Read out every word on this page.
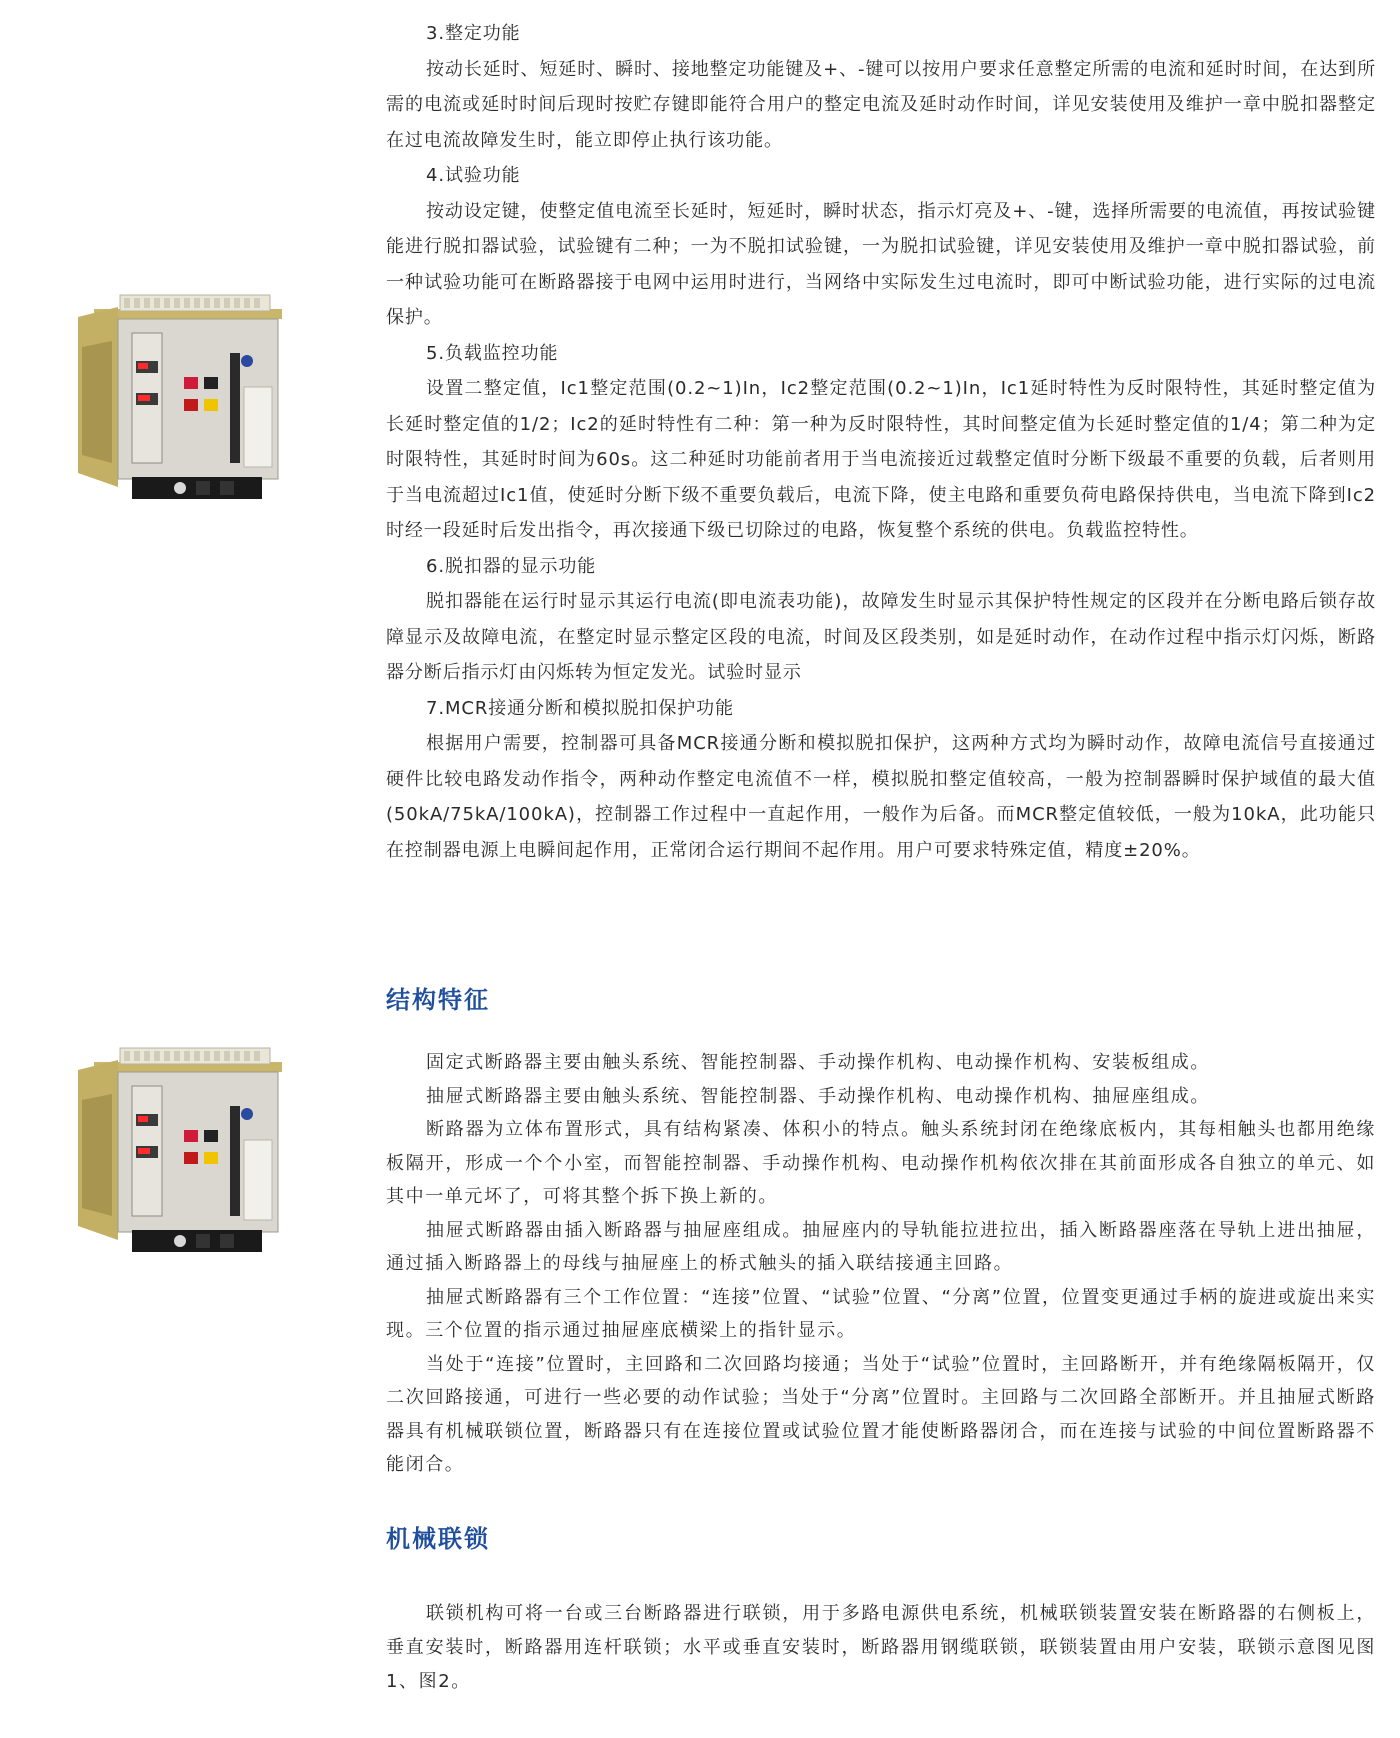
3.整定功能

按动长延时、短延时、瞬时、接地整定功能键及+、-键可以按用户要求任意整定所需的电流和延时时间，在达到所需的电流或延时时间后现时按贮存键即能符合用户的整定电流及延时动作时间，详见安装使用及维护一章中脱扣器整定在过电流故障发生时，能立即停止执行该功能。

4.试验功能

按动设定键，使整定值电流至长延时，短延时，瞬时状态，指示灯亮及+、-键，选择所需要的电流值，再按试验键能进行脱扣器试验，试验键有二种；一为不脱扣试验键，一为脱扣试验键，详见安装使用及维护一章中脱扣器试验，前一种试验功能可在断路器接于电网中运用时进行，当网络中实际发生过电流时，即可中断试验功能，进行实际的过电流保护。

5.负载监控功能

设置二整定值，Ic1整定范围(0.2~1)In，Ic2整定范围(0.2~1)In，Ic1延时特性为反时限特性，其延时整定值为长延时整定值的1/2；Ic2的延时特性有二种：第一种为反时限特性，其时间整定值为长延时整定值的1/4；第二种为定时限特性，其延时时间为60s。这二种延时功能前者用于当电流接近过载整定值时分断下级最不重要的负载，后者则用于当电流超过Ic1值，使延时分断下级不重要负载后，电流下降，使主电路和重要负荷电路保持供电，当电流下降到Ic2时经一段延时后发出指令，再次接通下级已切除过的电路，恢复整个系统的供电。负载监控特性。

6.脱扣器的显示功能

脱扣器能在运行时显示其运行电流(即电流表功能)，故障发生时显示其保护特性规定的区段并在分断电路后锁存故障显示及故障电流，在整定时显示整定区段的电流，时间及区段类别，如是延时动作，在动作过程中指示灯闪烁，断路器分断后指示灯由闪烁转为恒定发光。试验时显示

7.MCR接通分断和模拟脱扣保护功能

根据用户需要，控制器可具备MCR接通分断和模拟脱扣保护，这两种方式均为瞬时动作，故障电流信号直接通过硬件比较电路发动作指令，两种动作整定电流值不一样，模拟脱扣整定值较高，一般为控制器瞬时保护域值的最大值(50kA/75kA/100kA)，控制器工作过程中一直起作用，一般作为后备。而MCR整定值较低，一般为10kA，此功能只在控制器电源上电瞬间起作用，正常闭合运行期间不起作用。用户可要求特殊定值，精度±20%。

结构特征

固定式断路器主要由触头系统、智能控制器、手动操作机构、电动操作机构、安装板组成。

抽屉式断路器主要由触头系统、智能控制器、手动操作机构、电动操作机构、抽屉座组成。

断路器为立体布置形式，具有结构紧凑、体积小的特点。触头系统封闭在绝缘底板内，其每相触头也都用绝缘板隔开，形成一个个小室，而智能控制器、手动操作机构、电动操作机构依次排在其前面形成各自独立的单元、如其中一单元坏了，可将其整个拆下换上新的。

抽屉式断路器由插入断路器与抽屉座组成。抽屉座内的导轨能拉进拉出，插入断路器座落在导轨上进出抽屉，通过插入断路器上的母线与抽屉座上的桥式触头的插入联结接通主回路。

抽屉式断路器有三个工作位置：“连接”位置、“试验”位置、“分离”位置，位置变更通过手柄的旋进或旋出来实现。三个位置的指示通过抽屉座底横梁上的指针显示。

当处于“连接”位置时，主回路和二次回路均接通；当处于“试验”位置时，主回路断开，并有绝缘隔板隔开，仅二次回路接通，可进行一些必要的动作试验；当处于“分离”位置时。主回路与二次回路全部断开。并且抽屉式断路器具有机械联锁位置，断路器只有在连接位置或试验位置才能使断路器闭合，而在连接与试验的中间位置断路器不能闭合。

机械联锁

联锁机构可将一台或三台断路器进行联锁，用于多路电源供电系统，机械联锁装置安装在断路器的右侧板上，垂直安装时，断路器用连杆联锁；水平或垂直安装时，断路器用钢缆联锁，联锁装置由用户安装，联锁示意图见图1、图2。
